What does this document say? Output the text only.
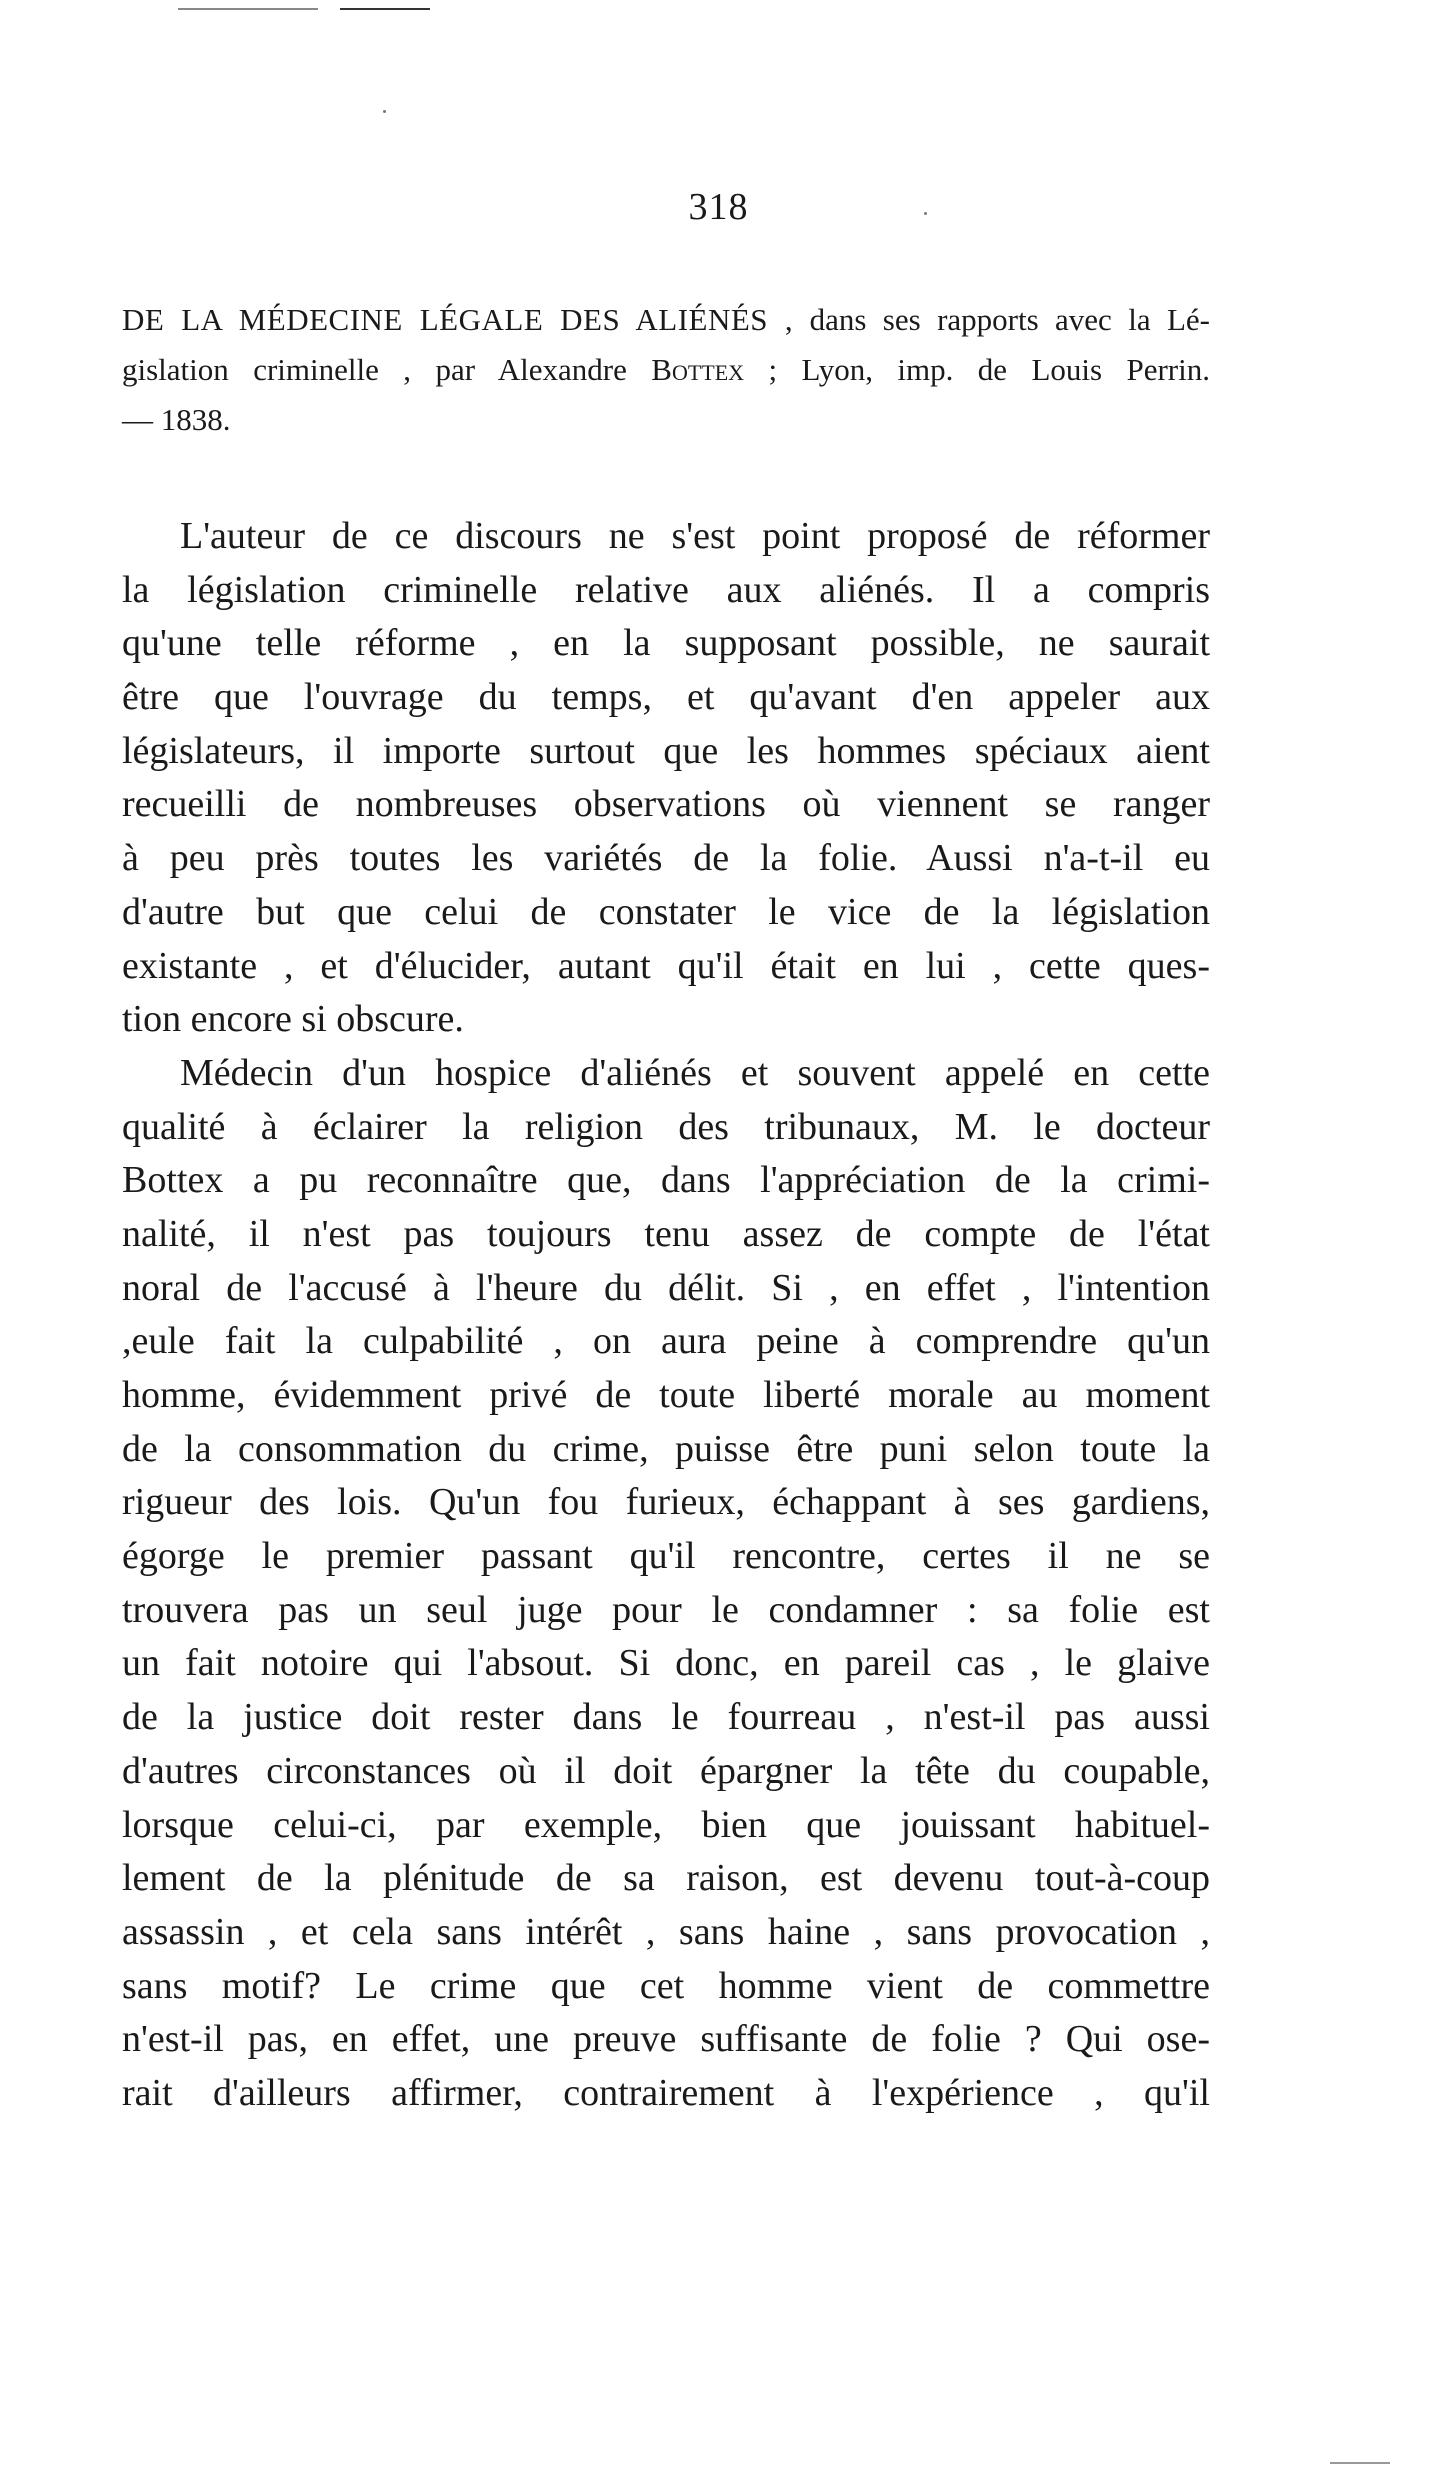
318
DE LA MÉDECINE LÉGALE DES ALIÉNÉS , dans ses rapports avec la Lé-
gislation criminelle , par Alexandre Bottex ; Lyon, imp. de Louis Perrin.
— 1838.

L'auteur de ce discours ne s'est point proposé de réformer
la législation criminelle relative aux aliénés. Il a compris
qu'une telle réforme , en la supposant possible, ne saurait
être que l'ouvrage du temps, et qu'avant d'en appeler aux
législateurs, il importe surtout que les hommes spéciaux aient
recueilli de nombreuses observations où viennent se ranger
à peu près toutes les variétés de la folie. Aussi n'a-t-il eu
d'autre but que celui de constater le vice de la législation
existante , et d'élucider, autant qu'il était en lui , cette ques-
tion encore si obscure.

Médecin d'un hospice d'aliénés et souvent appelé en cette
qualité à éclairer la religion des tribunaux, M. le docteur
Bottex a pu reconnaître que, dans l'appréciation de la crimi-
nalité, il n'est pas toujours tenu assez de compte de l'état
noral de l'accusé à l'heure du délit. Si , en effet , l'intention
,eule fait la culpabilité , on aura peine à comprendre qu'un
homme, évidemment privé de toute liberté morale au moment
de la consommation du crime, puisse être puni selon toute la
rigueur des lois. Qu'un fou furieux, échappant à ses gardiens,
égorge le premier passant qu'il rencontre, certes il ne se
trouvera pas un seul juge pour le condamner : sa folie est
un fait notoire qui l'absout. Si donc, en pareil cas , le glaive
de la justice doit rester dans le fourreau , n'est-il pas aussi
d'autres circonstances où il doit épargner la tête du coupable,
lorsque celui-ci, par exemple, bien que jouissant habituel-
lement de la plénitude de sa raison, est devenu tout-à-coup
assassin , et cela sans intérêt , sans haine , sans provocation ,
sans motif? Le crime que cet homme vient de commettre
n'est-il pas, en effet, une preuve suffisante de folie ? Qui ose-
rait d'ailleurs affirmer, contrairement à l'expérience , qu'il
